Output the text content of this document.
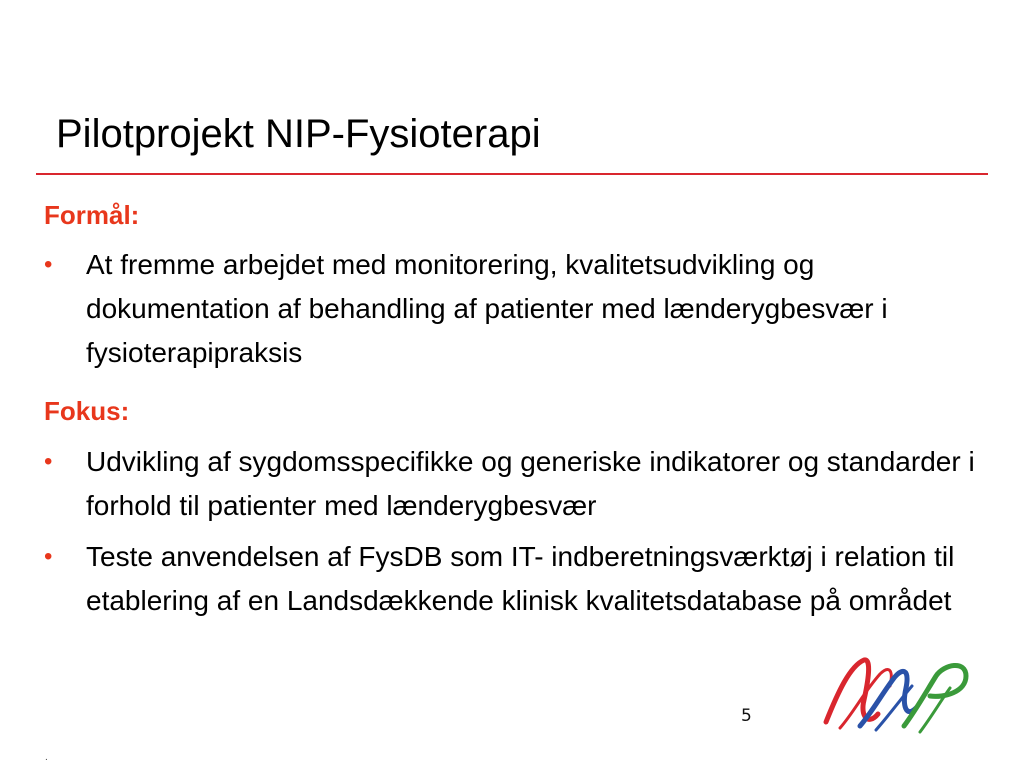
Pilotprojekt NIP-Fysioterapi
Formål:
• At fremme arbejdet med monitorering, kvalitetsudvikling og dokumentation af behandling af patienter med lænderygbesvær i fysioterapipraksis
Fokus:
• Udvikling af sygdomsspecifikke og generiske indikatorer og standarder i forhold til patienter med lænderygbesvær
• Teste anvendelsen af FysDB som IT- indberetningsværktøj i relation til etablering af en Landsdækkende klinisk kvalitetsdatabase på området
5
.
